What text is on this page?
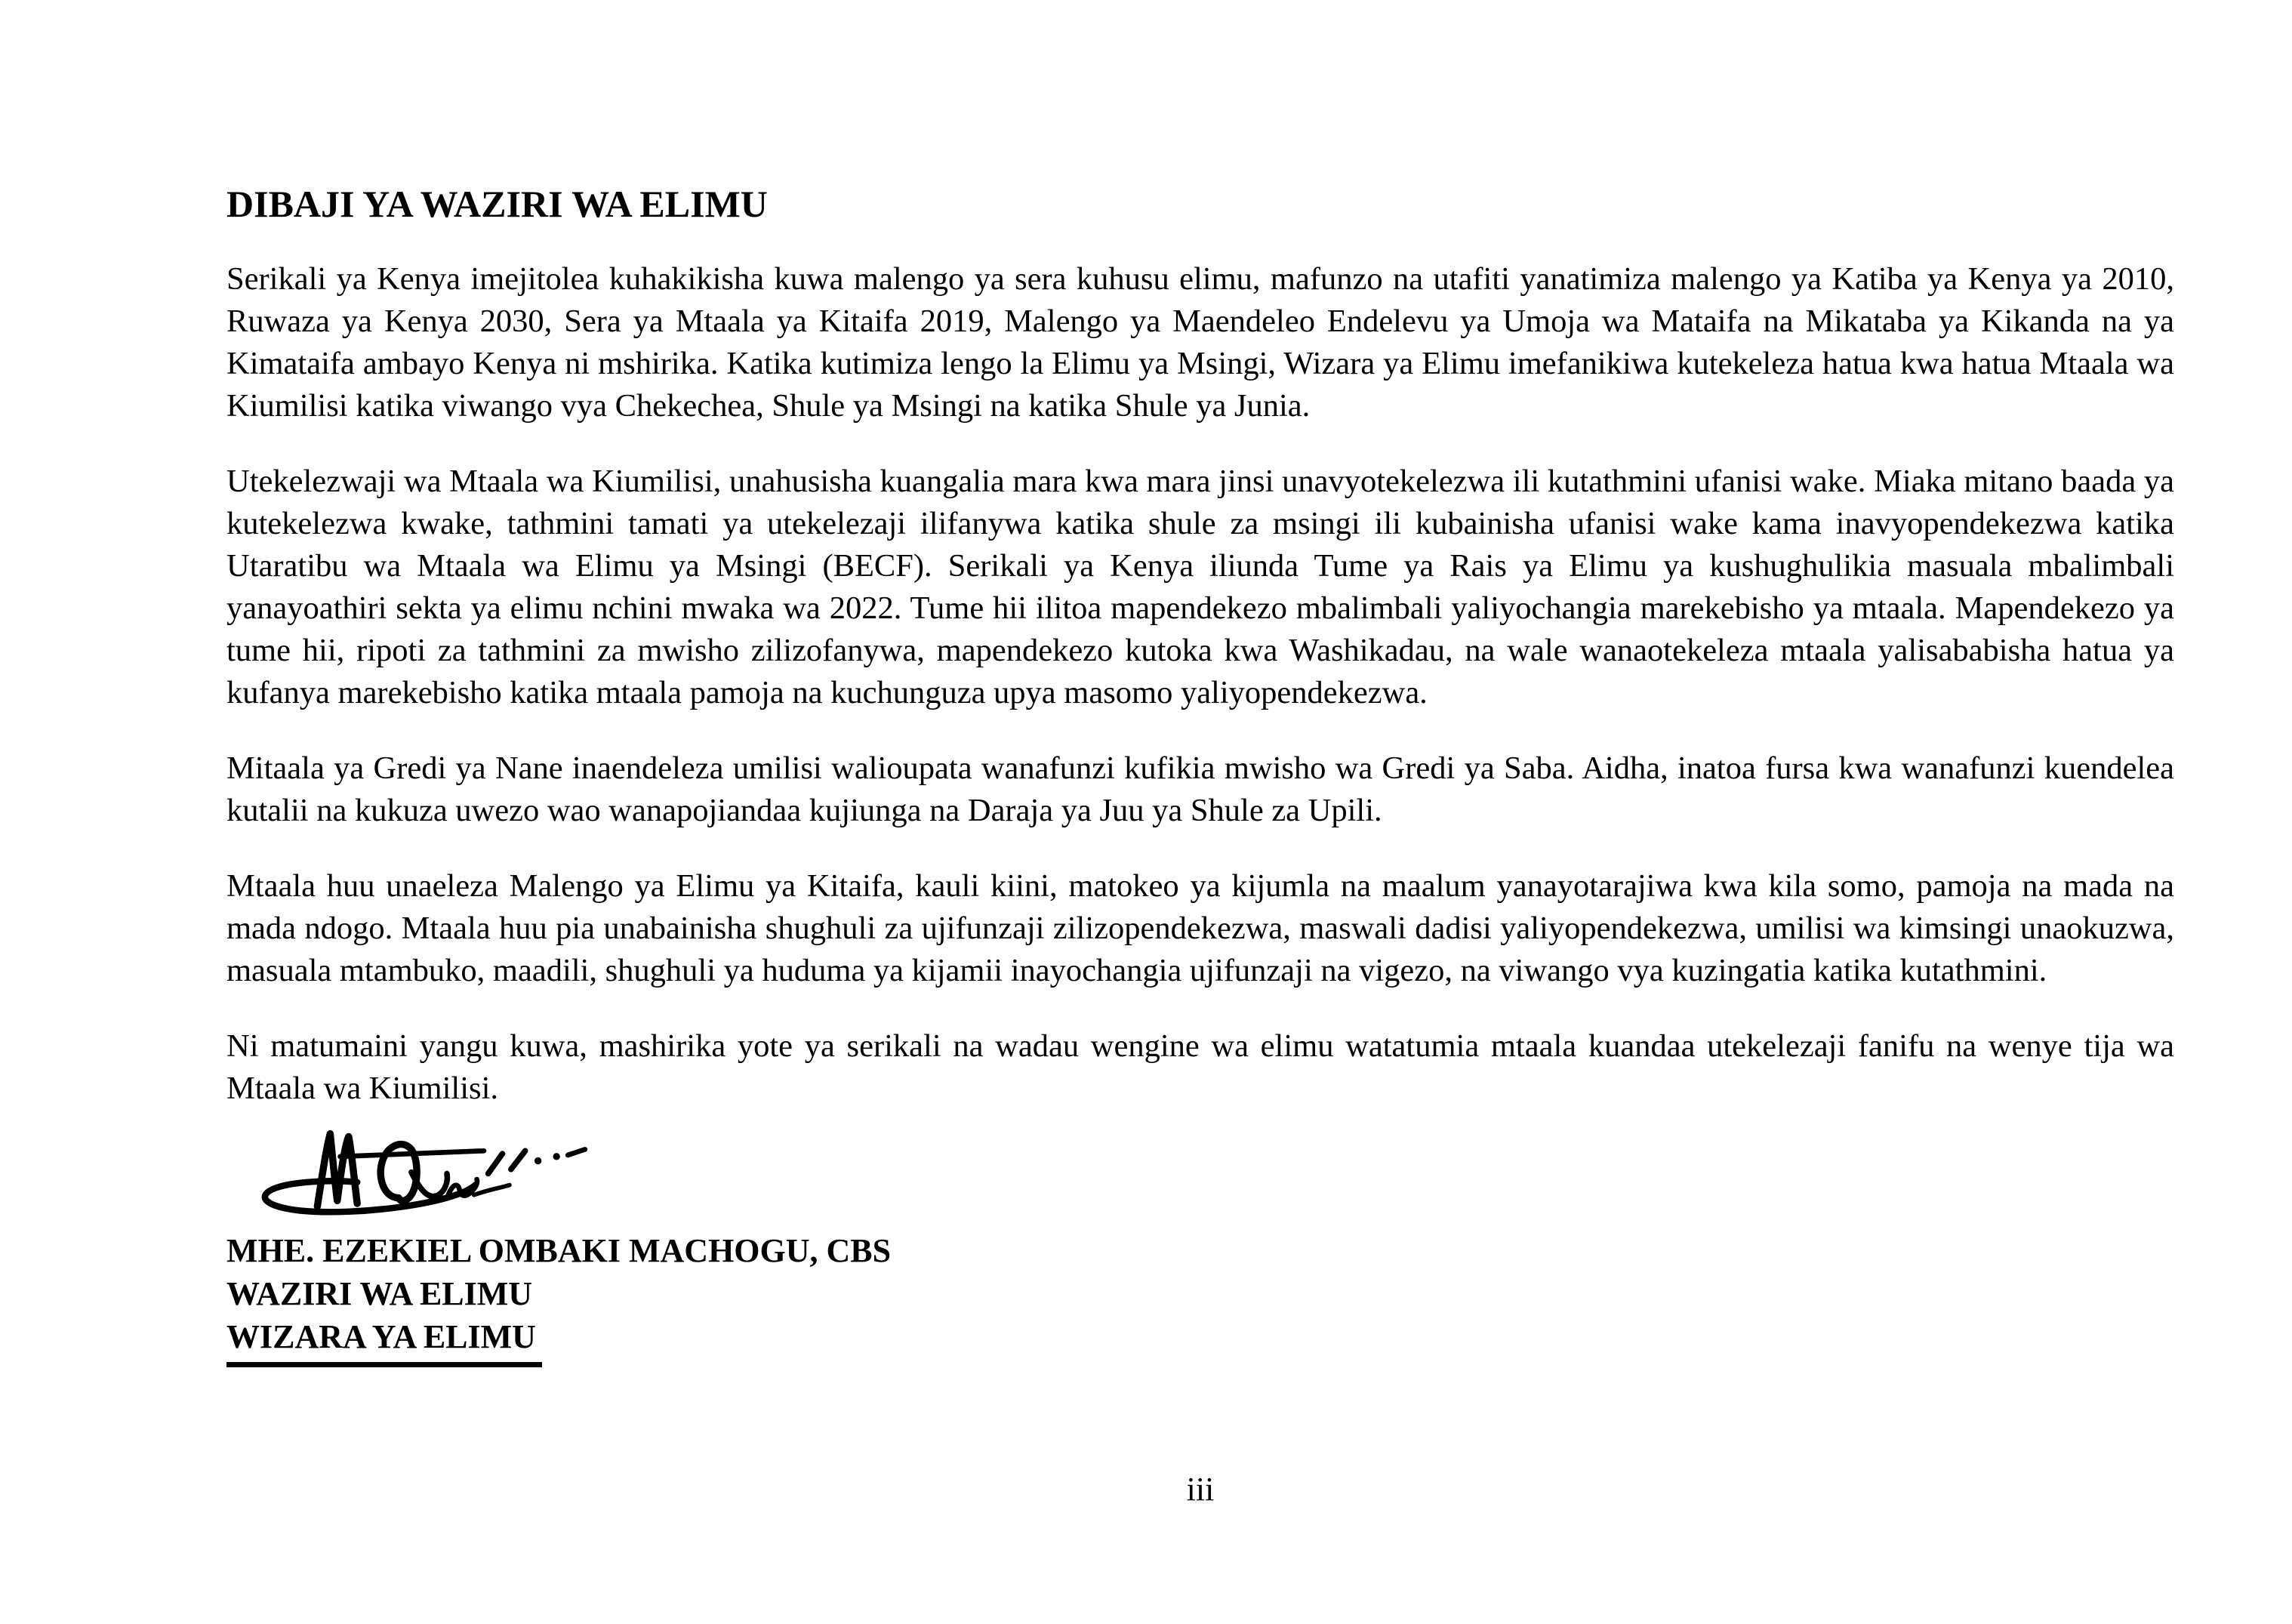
DIBAJI YA WAZIRI WA ELIMU

Serikali ya Kenya imejitolea kuhakikisha kuwa malengo ya sera kuhusu elimu, mafunzo na utafiti yanatimiza malengo ya Katiba ya Kenya ya 2010, Ruwaza ya Kenya 2030, Sera ya Mtaala ya Kitaifa 2019, Malengo ya Maendeleo Endelevu ya Umoja wa Mataifa na Mikataba ya Kikanda na ya Kimataifa ambayo Kenya ni mshirika. Katika kutimiza lengo la Elimu ya Msingi, Wizara ya Elimu imefanikiwa kutekeleza hatua kwa hatua Mtaala wa Kiumilisi katika viwango vya Chekechea, Shule ya Msingi na katika Shule ya Junia.

Utekelezwaji wa Mtaala wa Kiumilisi, unahusisha kuangalia mara kwa mara jinsi unavyotekelezwa ili kutathmini ufanisi wake. Miaka mitano baada ya kutekelezwa kwake, tathmini tamati ya utekelezaji ilifanywa katika shule za msingi ili kubainisha ufanisi wake kama inavyopendekezwa katika Utaratibu wa Mtaala wa Elimu ya Msingi (BECF). Serikali ya Kenya iliunda Tume ya Rais ya Elimu ya kushughulikia masuala mbalimbali yanayoathiri sekta ya elimu nchini mwaka wa 2022. Tume hii ilitoa mapendekezo mbalimbali yaliyochangia marekebisho ya mtaala. Mapendekezo ya tume hii, ripoti za tathmini za mwisho zilizofanywa, mapendekezo kutoka kwa Washikadau, na wale wanaotekeleza mtaala yalisababisha hatua ya kufanya marekebisho katika mtaala pamoja na kuchunguza upya masomo yaliyopendekezwa.

Mitaala ya Gredi ya Nane inaendeleza umilisi walioupata wanafunzi kufikia mwisho wa Gredi ya Saba. Aidha, inatoa fursa kwa wanafunzi kuendelea kutalii na kukuza uwezo wao wanapojiandaa kujiunga na Daraja ya Juu ya Shule za Upili.

Mtaala huu unaeleza Malengo ya Elimu ya Kitaifa, kauli kiini, matokeo ya kijumla na maalum yanayotarajiwa kwa kila somo, pamoja na mada na mada ndogo. Mtaala huu pia unabainisha shughuli za ujifunzaji zilizopendekezwa, maswali dadisi yaliyopendekezwa, umilisi wa kimsingi unaokuzwa, masuala mtambuko, maadili, shughuli ya huduma ya kijamii inayochangia ujifunzaji na vigezo, na viwango vya kuzingatia katika kutathmini.

Ni matumaini yangu kuwa, mashirika yote ya serikali na wadau wengine wa elimu watatumia mtaala kuandaa utekelezaji fanifu na wenye tija wa Mtaala wa Kiumilisi.

MHE. EZEKIEL OMBAKI MACHOGU, CBS

WAZIRI WA ELIMU

WIZARA YA ELIMU

iii
